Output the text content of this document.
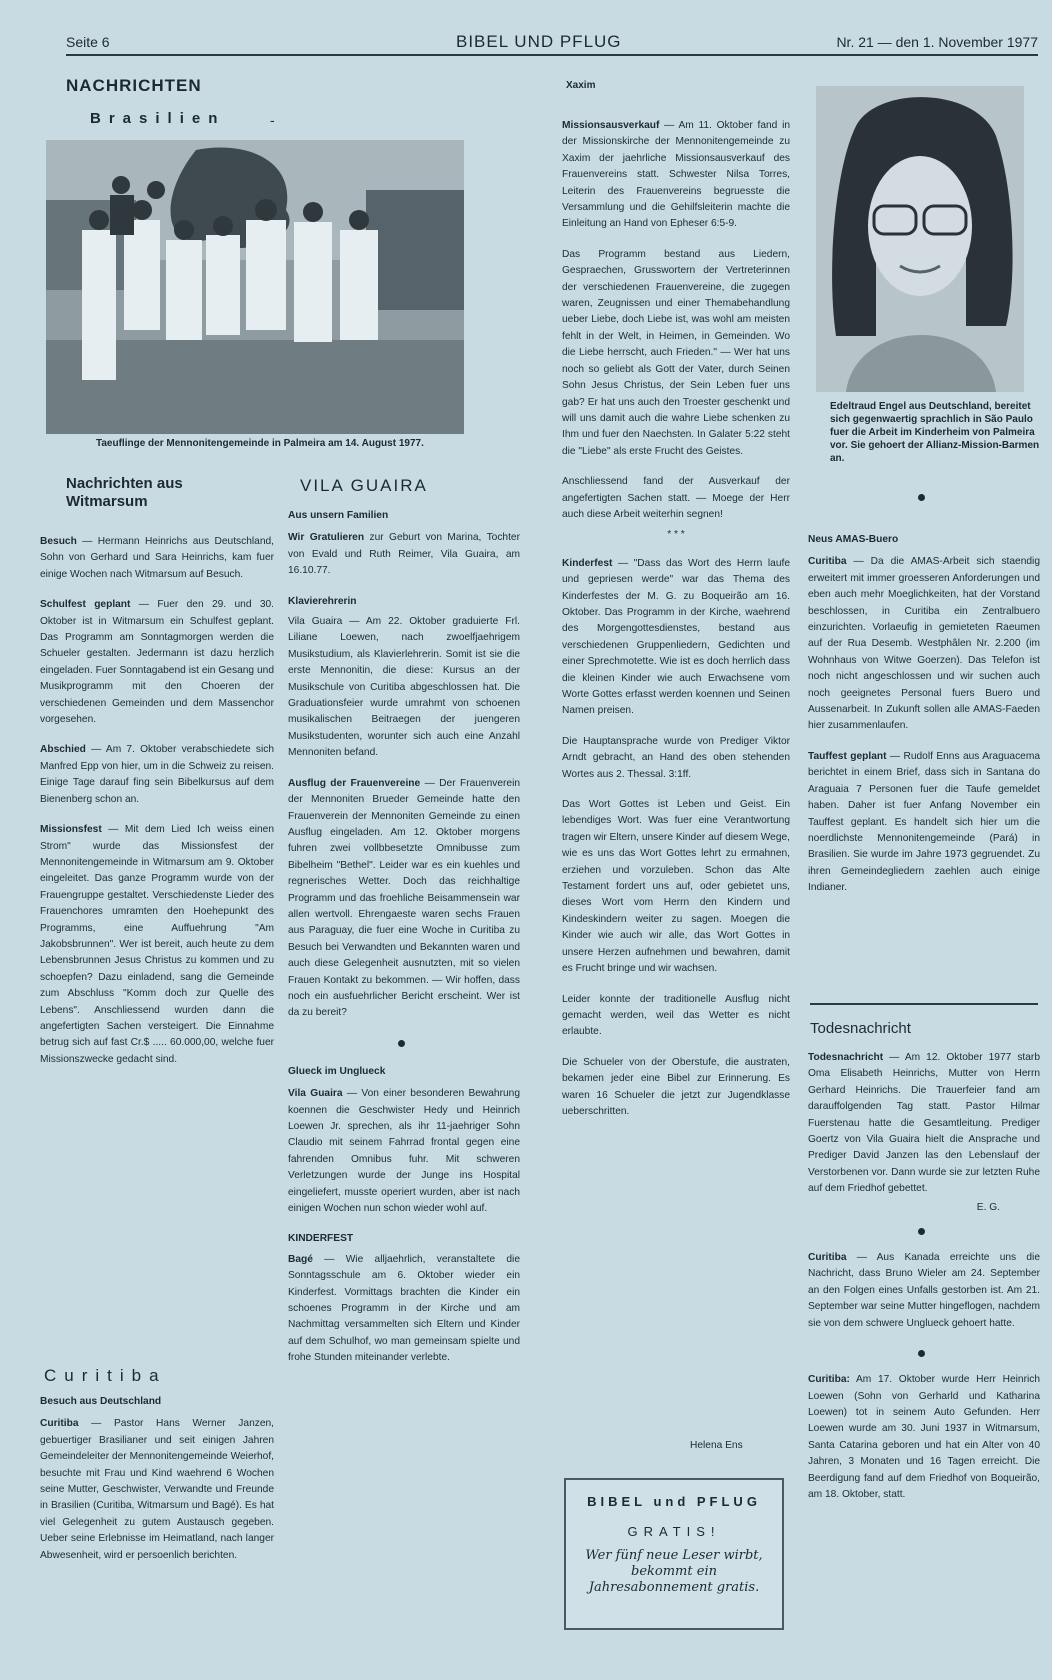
Seite 6	BIBEL UND PFLUG	Nr. 21 — den 1. November 1977
NACHRICHTEN
Brasilien	-
Taeuflinge der Mennonitengemeinde in Palmeira am 14. August 1977.
Nachrichten aus Witmarsum

Besuch — Hermann Heinrichs aus Deutschland, Sohn von Gerhard und Sara Heinrichs, kam fuer einige Wochen nach Witmarsum auf Besuch.

Schulfest geplant — Fuer den 29. und 30. Oktober ist in Witmarsum ein Schulfest geplant. Das Programm am Sonntagmorgen werden die Schueler gestalten. Jedermann ist dazu herzlich eingeladen. Fuer Sonntagabend ist ein Gesang und Musikprogramm mit den Choeren der verschiedenen Gemeinden und dem Massenchor vorgesehen.

Abschied — Am 7. Oktober verabschiedete sich Manfred Epp von hier, um in die Schweiz zu reisen. Einige Tage darauf fing sein Bibelkursus auf dem Bienenberg schon an.

Missionsfest — Mit dem Lied Ich weiss einen Strom" wurde das Missionsfest der Mennonitengemeinde in Witmarsum am 9. Oktober eingeleitet. Das ganze Programm wurde von der Frauengruppe gestaltet. Verschiedenste Lieder des Frauenchores umramten den Hoehepunkt des Programms, eine Auffuehrung "Am Jakobsbrunnen". Wer ist bereit, auch heute zu dem Lebensbrunnen Jesus Christus zu kommen und zu schoepfen? Dazu einladend, sang die Gemeinde zum Abschluss "Komm doch zur Quelle des Lebens". Anschliessend wurden dann die angefertigten Sachen versteigert. Die Einnahme betrug sich auf fast Cr.$ ..... 60.000,00, welche fuer Missionszwecke gedacht sind.

Curitiba

Besuch aus Deutschland

Curitiba — Pastor Hans Werner Janzen, gebuertiger Brasilianer und seit einigen Jahren Gemeindeleiter der Mennonitengemeinde Weierhof, besuchte mit Frau und Kind waehrend 6 Wochen seine Mutter, Geschwister, Verwandte und Freunde in Brasilien (Curitiba, Witmarsum und Bagé). Es hat viel Gelegenheit zu gutem Austausch gegeben. Ueber seine Erlebnisse im Heimatland, nach langer Abwesenheit, wird er persoenlich berichten.

VILA GUAIRA

Aus unsern Familien

Wir Gratulieren zur Geburt von Marina, Tochter von Evald und Ruth Reimer, Vila Guaira, am 16.10.77.

Klavierehrerin

Vila Guaira — Am 22. Oktober graduierte Frl. Liliane Loewen, nach zwoelfjaehrigem Musikstudium, als Klavierlehrerin. Somit ist sie die erste Mennonitin, die diese: Kursus an der Musikschule von Curitiba abgeschlossen hat. Die Graduationsfeier wurde umrahmt von schoenen musikalischen Beitraegen der juengeren Musikstudenten, worunter sich auch eine Anzahl Mennoniten befand.

Ausflug der Frauenvereine — Der Frauenverein der Mennoniten Brueder Gemeinde hatte den Frauenverein der Mennoniten Gemeinde zu einen Ausflug eingeladen. Am 12. Oktober morgens fuhren zwei vollbbesetzte Omnibusse zum Bibelheim "Bethel". Leider war es ein kuehles und regnerisches Wetter. Doch das reichhaltige Programm und das froehliche Beisammensein war allen wertvoll. Ehrengaeste waren sechs Frauen aus Paraguay, die fuer eine Woche in Curitiba zu Besuch bei Verwandten und Bekannten waren und auch diese Gelegenheit ausnutzten, mit so vielen Frauen Kontakt zu bekommen. — Wir hoffen, dass noch ein ausfuehrlicher Bericht erscheint. Wer ist da zu bereit?

Glueck im Unglueck

Vila Guaira — Von einer besonderen Bewahrung koennen die Geschwister Hedy und Heinrich Loewen Jr. sprechen, als ihr 11-jaehriger Sohn Claudio mit seinem Fahrrad frontal gegen eine fahrenden Omnibus fuhr. Mit schweren Verletzungen wurde der Junge ins Hospital eingeliefert, musste operiert wurden, aber ist nach einigen Wochen nun schon wieder wohl auf.

KINDERFEST

Bagé — Wie alljaehrlich, veranstaltete die Sonntagsschule am 6. Oktober wieder ein Kinderfest. Vormittags brachten die Kinder ein schoenes Programm in der Kirche und am Nachmittag versammelten sich Eltern und Kinder auf dem Schulhof, wo man gemeinsam spielte und frohe Stunden miteinander verlebte.

Xaxim

Missionsausverkauf — Am 11. Oktober fand in der Missionskirche der Mennonitengemeinde zu Xaxim der jaehrliche Missionsausverkauf des Frauenvereins statt. Schwester Nilsa Torres, Leiterin des Frauenvereins begruesste die Versammlung und die Gehilfsleiterin machte die Einleitung an Hand von Epheser 6:5-9.

Das Programm bestand aus Liedern, Gespraechen, Grusswortern der Vertreterinnen der verschiedenen Frauenvereine, die zugegen waren, Zeugnissen und einer Themabehandlung ueber Liebe, doch Liebe ist, was wohl am meisten fehlt in der Welt, in Heimen, in Gemeinden. Wo die Liebe herrscht, auch Frieden." — Wer hat uns noch so geliebt als Gott der Vater, durch Seinen Sohn Jesus Christus, der Sein Leben fuer uns gab? Er hat uns auch den Troester geschenkt und will uns damit auch die wahre Liebe schenken zu Ihm und fuer den Naechsten. In Galater 5:22 steht die "Liebe" als erste Frucht des Geistes.

Anschliessend fand der Ausverkauf der angefertigten Sachen statt. — Moege der Herr auch diese Arbeit weiterhin segnen!

* * *

Kinderfest — "Dass das Wort des Herrn laufe und gepriesen werde" war das Thema des Kinderfestes der M. G. zu Boqueirão am 16. Oktober. Das Programm in der Kirche, waehrend des Morgengottesdienstes, bestand aus verschiedenen Gruppenliedern, Gedichten und einer Sprechmotette. Wie ist es doch herrlich dass die kleinen Kinder wie auch Erwachsene vom Worte Gottes erfasst werden koennen und Seinen Namen preisen.

Die Hauptansprache wurde von Prediger Viktor Arndt gebracht, an Hand des oben stehenden Wortes aus 2. Thessal. 3:1ff.

Das Wort Gottes ist Leben und Geist. Ein lebendiges Wort. Was fuer eine Verantwortung tragen wir Eltern, unsere Kinder auf diesem Wege, wie es uns das Wort Gottes lehrt zu ermahnen, erziehen und vorzuleben. Schon das Alte Testament fordert uns auf, oder gebietet uns, dieses Wort vom Herrn den Kindern und Kindeskindern weiter zu sagen. Moegen die Kinder wie auch wir alle, das Wort Gottes in unsere Herzen aufnehmen und bewahren, damit es Frucht bringe und wir wachsen.

Leider konnte der traditionelle Ausflug nicht gemacht werden, weil das Wetter es nicht erlaubte.

Die Schueler von der Oberstufe, die austraten, bekamen jeder eine Bibel zur Erinnerung. Es waren 16 Schueler die jetzt zur Jugendklasse ueberschritten.

Helena Ens
BIBEL und PFLUG
GRATIS!
Wer fünf neue Leser wirbt, bekommt ein Jahresabonnement gratis.
Edeltraud Engel aus Deutschland, bereitet sich gegenwaertig sprachlich in São Paulo fuer die Arbeit im Kinderheim von Palmeira vor. Sie gehoert der Allianz-Mission-Barmen an.

Neus AMAS-Buero

Curitiba — Da die AMAS-Arbeit sich staendig erweitert mit immer groesseren Anforderungen und eben auch mehr Moeglichkeiten, hat der Vorstand beschlossen, in Curitiba ein Zentralbuero einzurichten. Vorlaeufig in gemieteten Raeumen auf der Rua Desemb. Westphâlen Nr. 2.200 (im Wohnhaus von Witwe Goerzen). Das Telefon ist noch nicht angeschlossen und wir suchen auch noch geeignetes Personal fuers Buero und Aussenarbeit. In Zukunft sollen alle AMAS-Faeden hier zusammenlaufen.

Tauffest geplant — Rudolf Enns aus Araguacema berichtet in einem Brief, dass sich in Santana do Araguaia 7 Personen fuer die Taufe gemeldet haben. Daher ist fuer Anfang November ein Tauffest geplant. Es handelt sich hier um die noerdlichste Mennonitengemeinde (Pará) in Brasilien. Sie wurde im Jahre 1973 gegruendet. Zu ihren Gemeindegliedern zaehlen auch einige Indianer.

Todesnachricht

Todesnachricht — Am 12. Oktober 1977 starb Oma Elisabeth Heinrichs, Mutter von Herrn Gerhard Heinrichs. Die Trauerfeier fand am darauffolgenden Tag statt. Pastor Hilmar Fuerstenau hatte die Gesamtleitung. Prediger Goertz von Vila Guaira hielt die Ansprache und Prediger David Janzen las den Lebenslauf der Verstorbenen vor. Dann wurde sie zur letzten Ruhe auf dem Friedhof gebettet.

E. G.

Curitiba — Aus Kanada erreichte uns die Nachricht, dass Bruno Wieler am 24. September an den Folgen eines Unfalls gestorben ist. Am 21. September war seine Mutter hingeflogen, nachdem sie von dem schwere Unglueck gehoert hatte.

Curitiba: Am 17. Oktober wurde Herr Heinrich Loewen (Sohn von Gerharld und Katharina Loewen) tot in seinem Auto Gefunden. Herr Loewen wurde am 30. Juni 1937 in Witmarsum, Santa Catarina geboren und hat ein Alter von 40 Jahren, 3 Monaten und 16 Tagen erreicht. Die Beerdigung fand auf dem Friedhof von Boqueirão, am 18. Oktober, statt.
